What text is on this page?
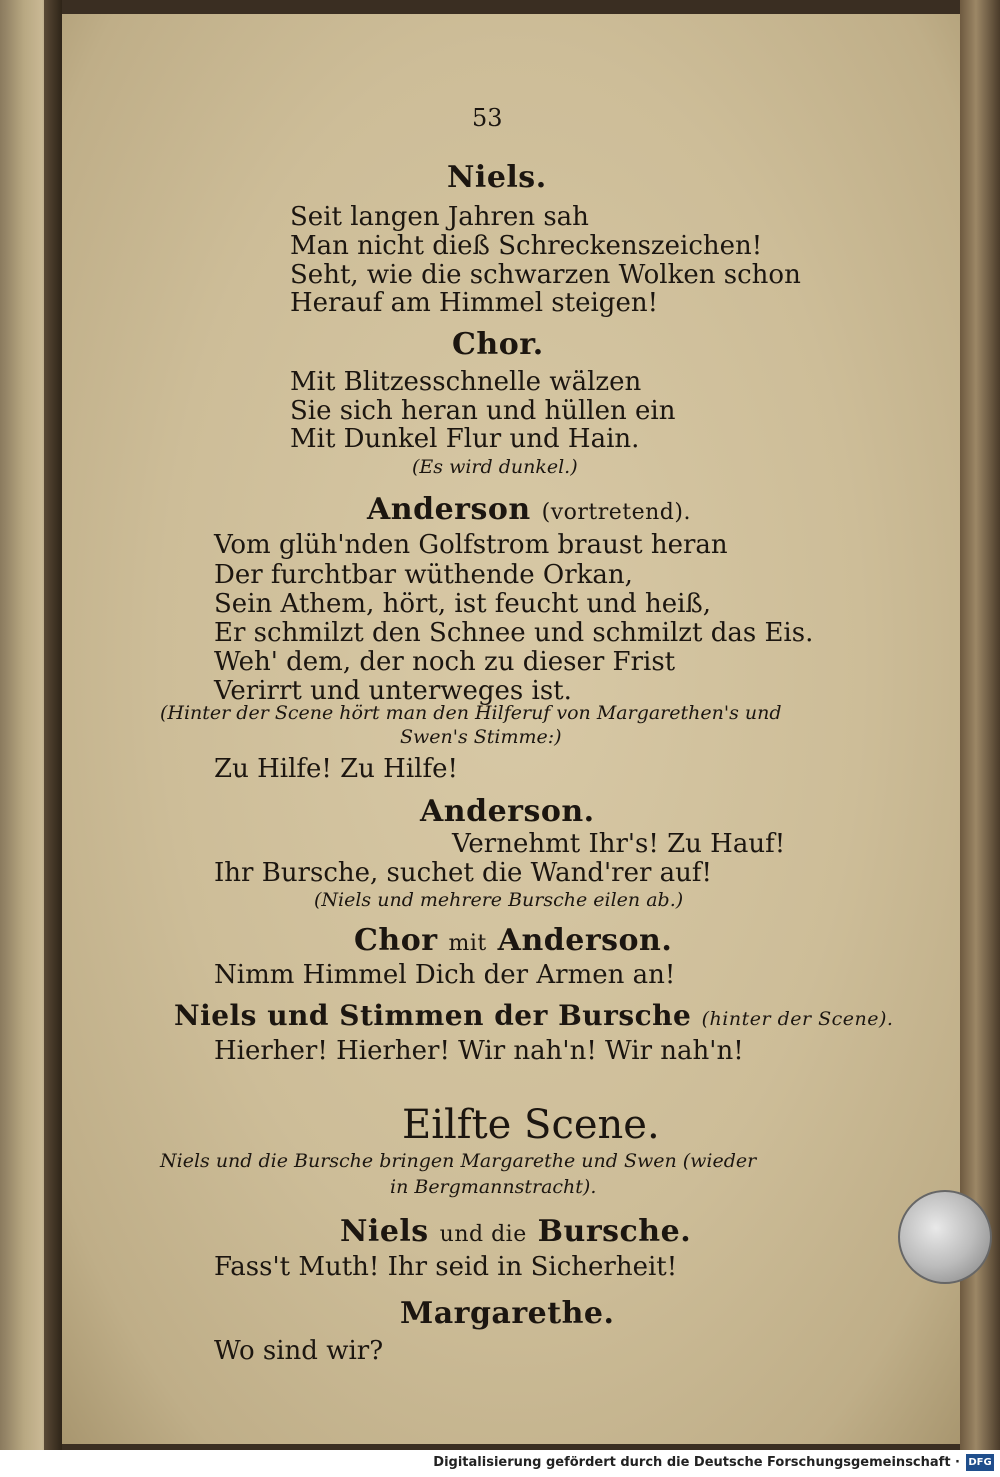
53
Niels.
Seit langen Jahren sah
Man nicht dieß Schreckenszeichen!
Seht, wie die schwarzen Wolken schon
Herauf am Himmel steigen!
Chor.
Mit Blitzesschnelle wälzen
Sie sich heran und hüllen ein
Mit Dunkel Flur und Hain.
(Es wird dunkel.)
Anderson (vortretend).
Vom glüh'nden Golfstrom braust heran
Der furchtbar wüthende Orkan,
Sein Athem, hört, ist feucht und heiß,
Er schmilzt den Schnee und schmilzt das Eis.
Weh' dem, der noch zu dieser Frist
Verirrt und unterweges ist.
(Hinter der Scene hört man den Hilferuf von Margarethen's und
Swen's Stimme:)
Zu Hilfe! Zu Hilfe!
Anderson.
Vernehmt Ihr's! Zu Hauf!
Ihr Bursche, suchet die Wand'rer auf!
(Niels und mehrere Bursche eilen ab.)
Chor mit Anderson.
Nimm Himmel Dich der Armen an!
Niels und Stimmen der Bursche (hinter der Scene).
Hierher! Hierher! Wir nah'n! Wir nah'n!
Eilfte Scene.
Niels und die Bursche bringen Margarethe und Swen (wieder
in Bergmannstracht).
Niels und die Bursche.
Fass't Muth! Ihr seid in Sicherheit!
Margarethe.
Wo sind wir?
Digitalisierung gefördert durch die Deutsche Forschungsgemeinschaft · DFG
